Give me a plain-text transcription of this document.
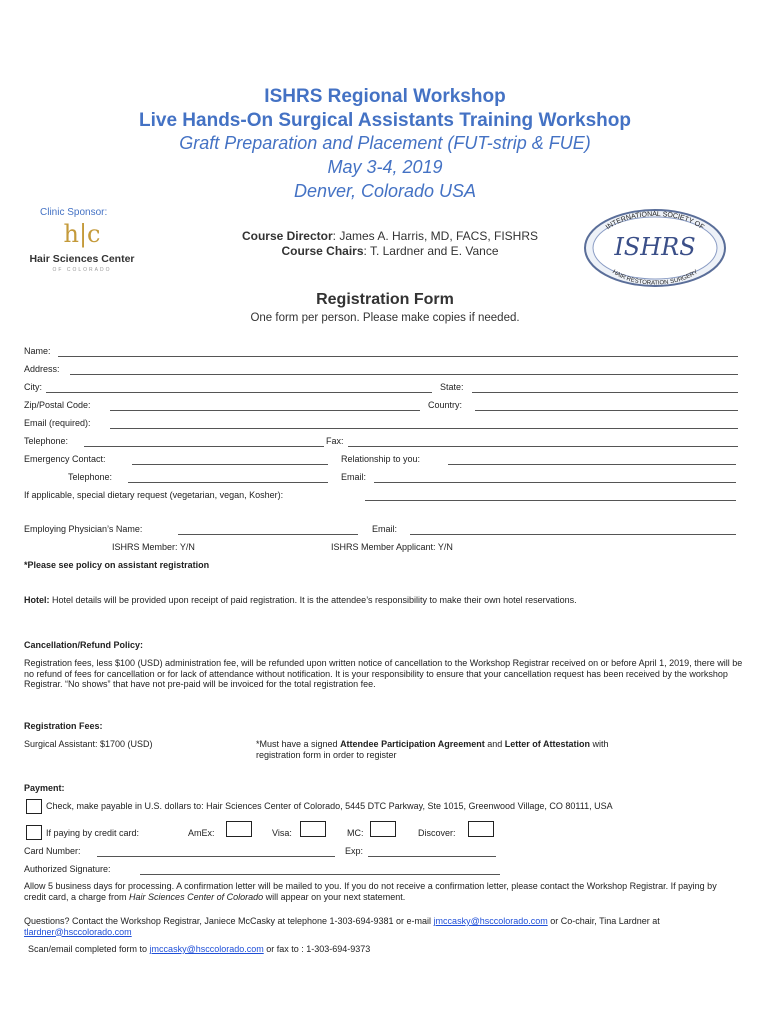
ISHRS Regional Workshop
Live Hands-On Surgical Assistants Training Workshop
Graft Preparation and Placement (FUT-strip & FUE)
May 3-4, 2019
Denver, Colorado USA
Clinic Sponsor:
h|c
Hair Sciences Center
OF COLORADO
Course Director: James A. Harris, MD, FACS, FISHRS
Course Chairs: T. Lardner and E. Vance
INTERNATIONAL SOCIETY OF
HAIR RESTORATION SURGERY
ISHRS
Registration Form
One form per person. Please make copies if needed.
Name:
Address:
City:	State:
Zip/Postal Code:	Country:
Email (required):
Telephone:	Fax:
Emergency Contact:	Relationship to you:
Telephone:	Email:
If applicable, special dietary request (vegetarian, vegan, Kosher):
Employing Physician’s Name:	Email:
ISHRS Member: Y/N	ISHRS Member Applicant: Y/N
*Please see policy on assistant registration
Hotel: Hotel details will be provided upon receipt of paid registration. It is the attendee’s responsibility to make their own hotel reservations.
Cancellation/Refund Policy:
Registration fees, less $100 (USD) administration fee, will be refunded upon written notice of cancellation to the Workshop Registrar received on or before April 1, 2019, there will be no refund of fees for cancellation or for lack of attendance without notification. It is your responsibility to ensure that your cancellation request has been received by the workshop Registrar. “No shows” that have not pre-paid will be invoiced for the total registration fee.
Registration Fees:
Surgical Assistant: $1700 (USD)	*Must have a signed Attendee Participation Agreement and Letter of Attestation with registration form in order to register
Payment:
Check, make payable in U.S. dollars to: Hair Sciences Center of Colorado, 5445 DTC Parkway, Ste 1015, Greenwood Village, CO 80111, USA
If paying by credit card:	AmEx:	Visa:	MC:	Discover:
Card Number:	Exp:
Authorized Signature:
Allow 5 business days for processing. A confirmation letter will be mailed to you. If you do not receive a confirmation letter, please contact the Workshop Registrar. If paying by credit card, a charge from Hair Sciences Center of Colorado will appear on your next statement.
Questions? Contact the Workshop Registrar, Janiece McCasky at telephone 1-303-694-9381 or e-mail jmccasky@hsccolorado.com or Co-chair, Tina Lardner at tlardner@hsccolorado.com
Scan/email completed form to jmccasky@hsccolorado.com or fax to : 1-303-694-9373
